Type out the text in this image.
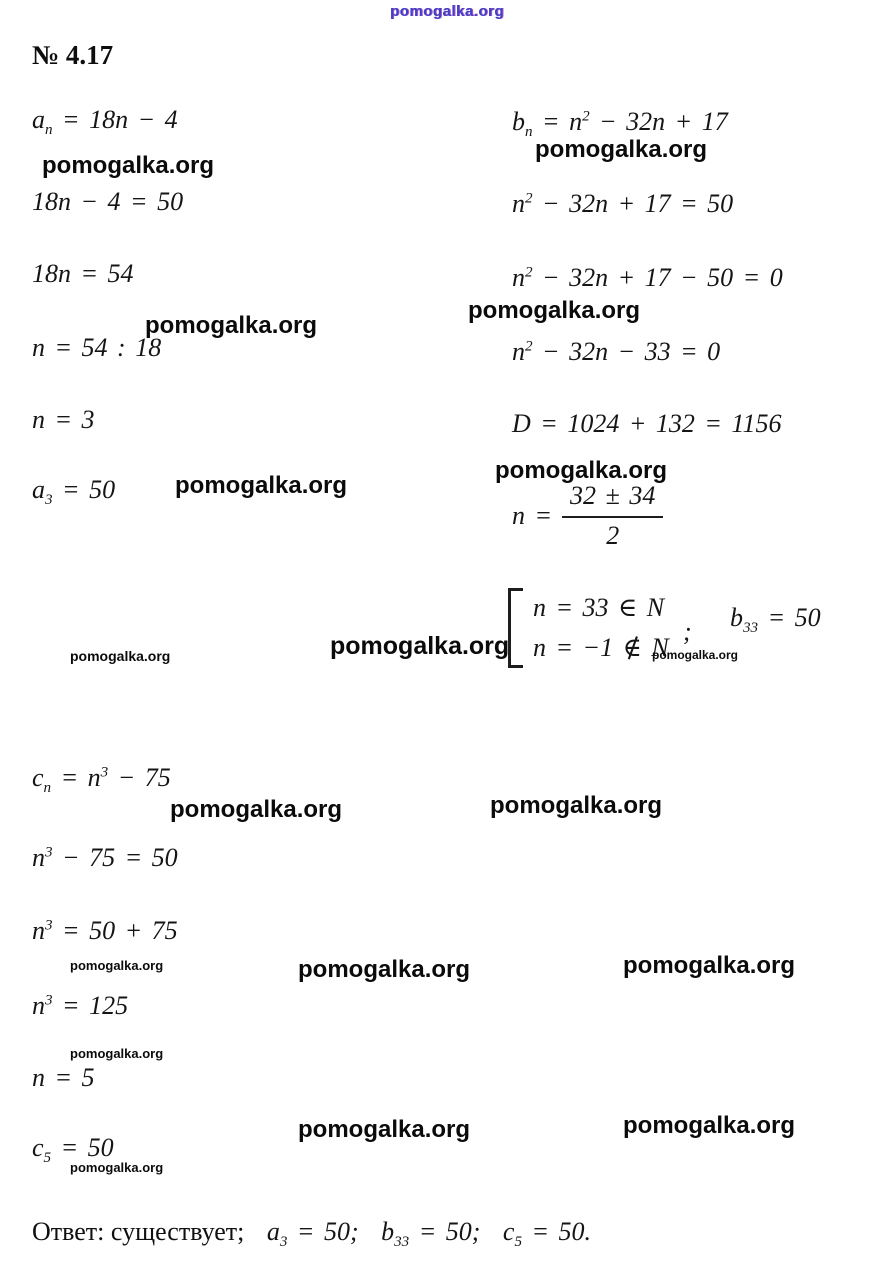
pomogalka.org
№ 4.17
$a_n = 18n - 4$
18n − 4 = 50
18n = 54
n = 54 : 18
n = 3
$a_3 = 50$
$b_n = n^2 - 32n + 17$
$n^2 - 32n + 17 = 50$
$n^2 - 32n + 17 - 50 = 0$
$n^2 - 32n - 33 = 0$
D = 1024 + 132 = 1156
$n = \frac{32 \pm 34}{2}$
n = 33 ∈ N
n = −1 ∉ N
; $b_{33} = 50$
$c_n = n^3 - 75$
$n^3 - 75 = 50$
$n^3 = 50 + 75$
$n^3 = 125$
n = 5
$c_5 = 50$
Ответ: существует; $a_3 = 50$; $b_{33} = 50$; $c_5 = 50$.
pomogalka.org
pomogalka.org
pomogalka.org
pomogalka.org
pomogalka.org
pomogalka.org
pomogalka.org	pomogalka.org	pomogalka.org
pomogalka.org	pomogalka.org
pomogalka.org	pomogalka.org	pomogalka.org
pomogalka.org
pomogalka.org	pomogalka.org
pomogalka.org
